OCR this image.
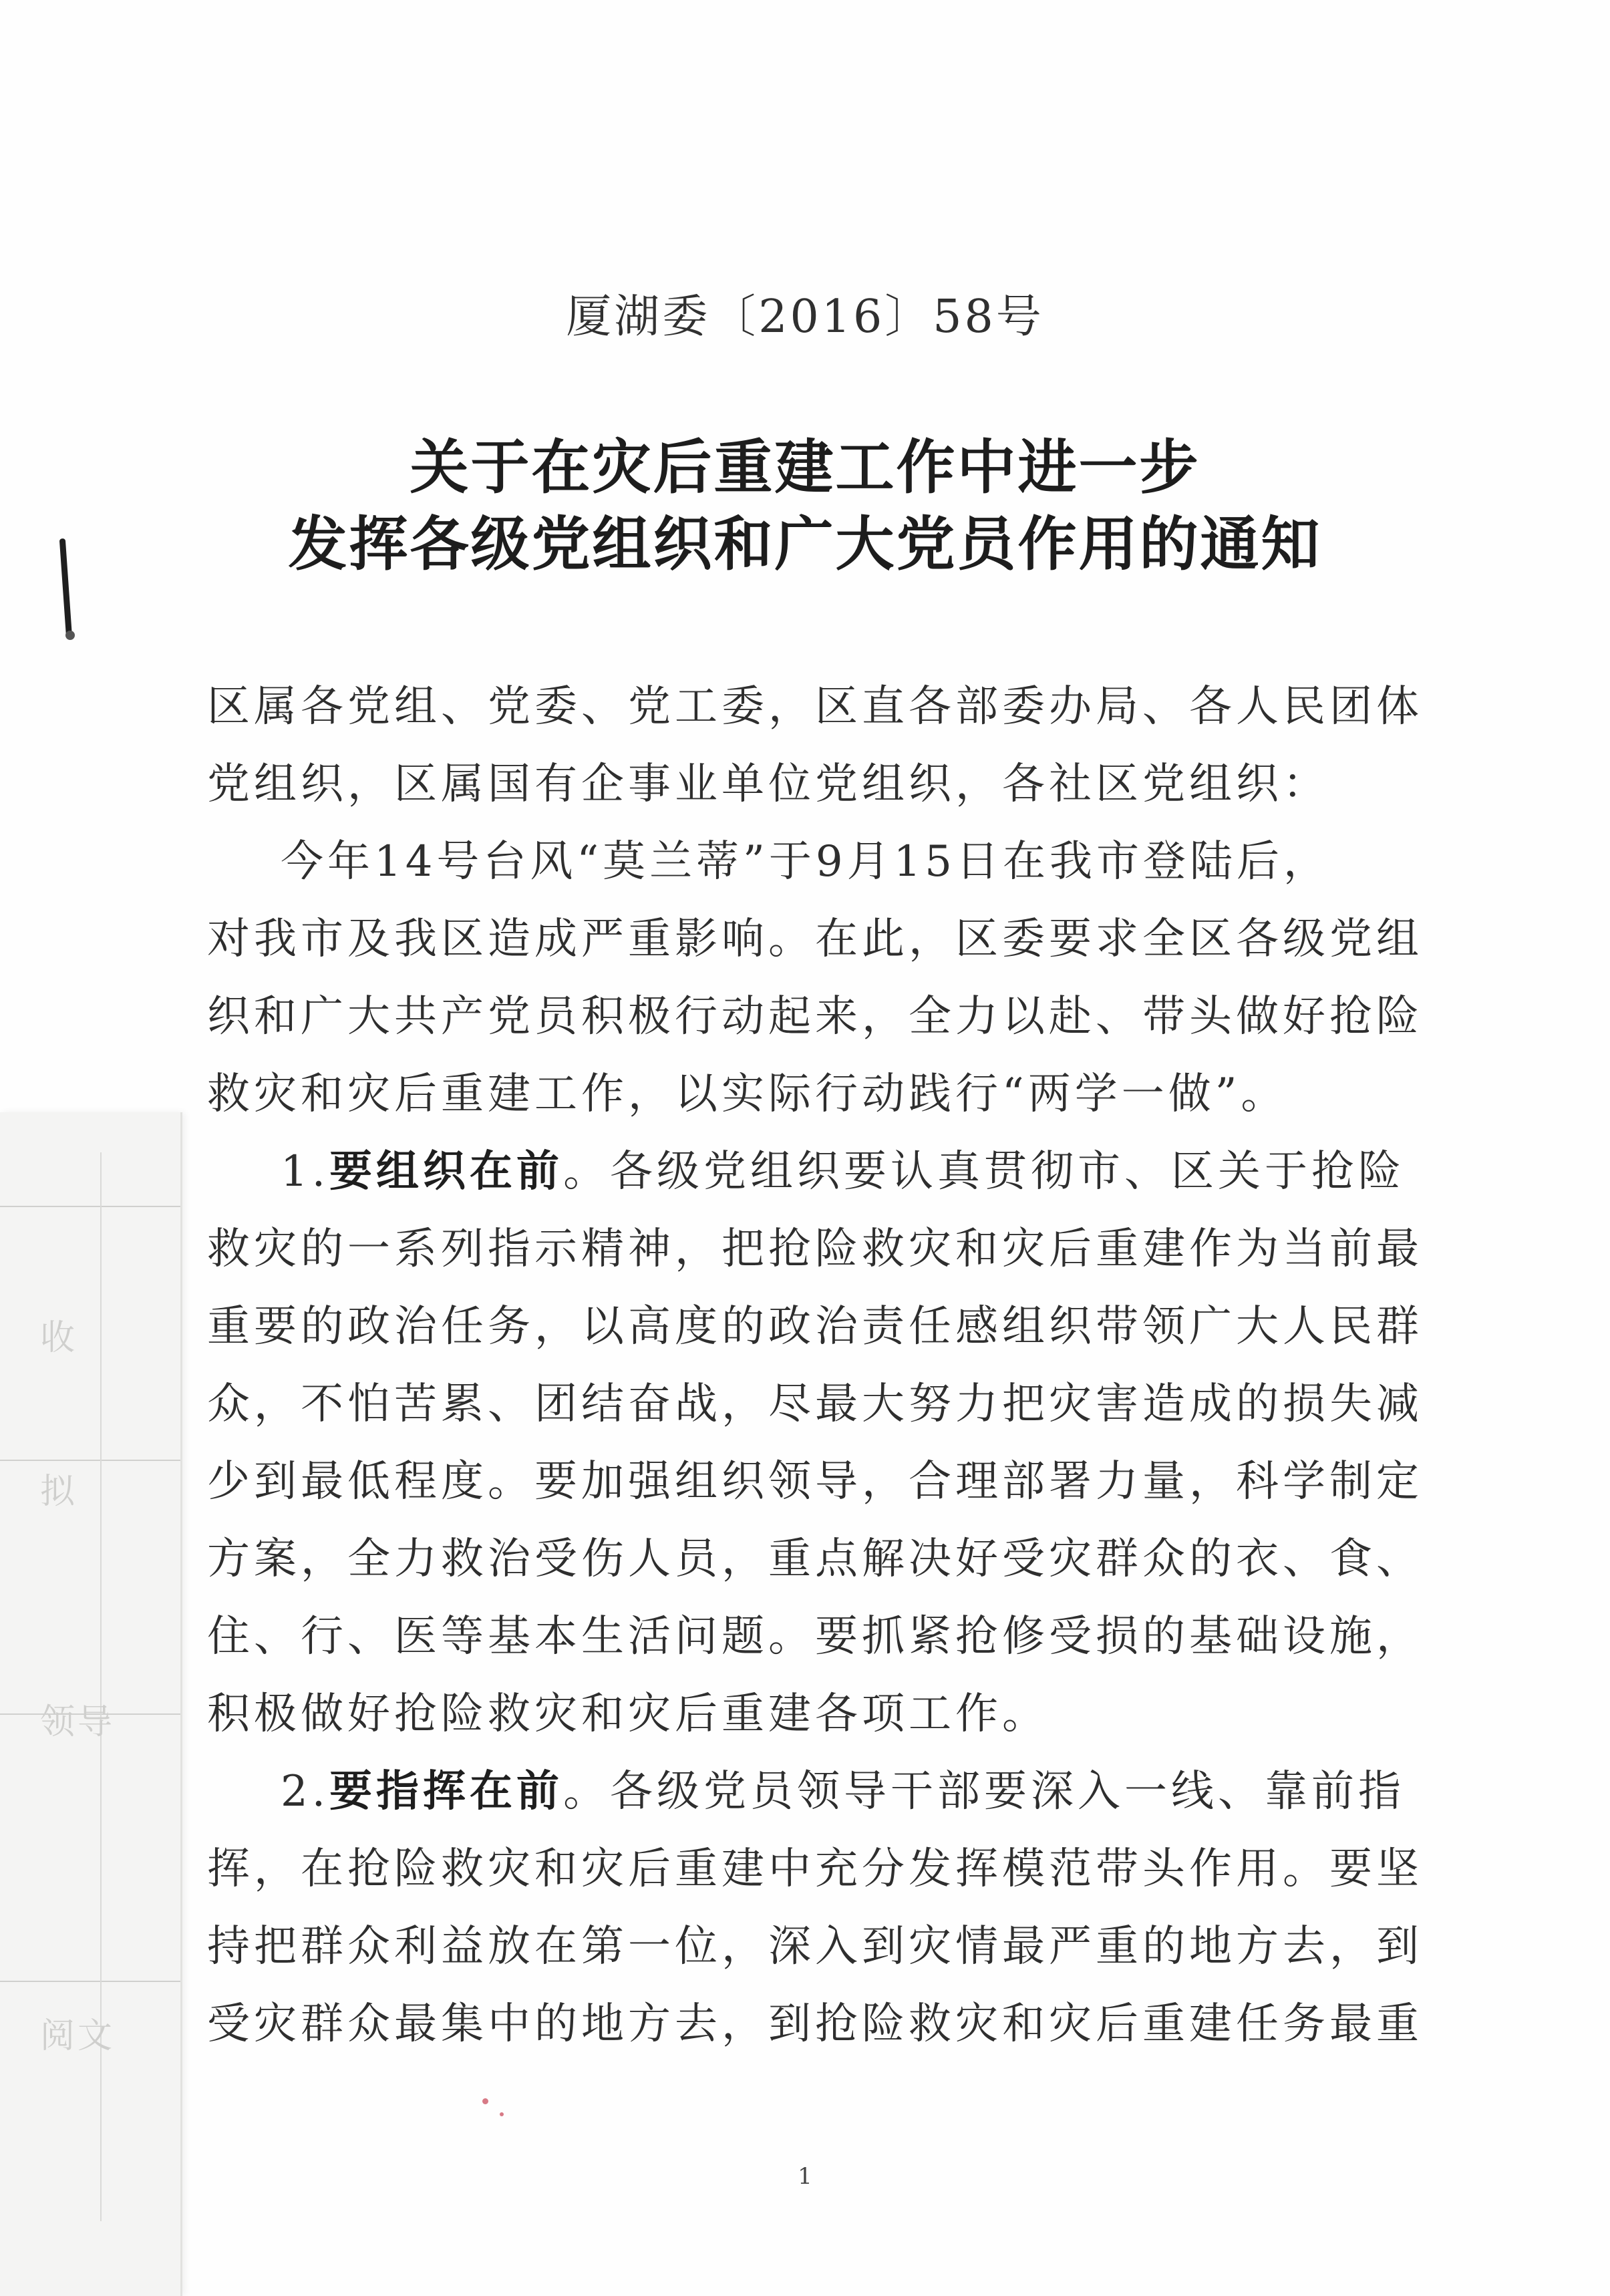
收
拟
领导
阅文
厦湖委〔2016〕58号
关于在灾后重建工作中进一步
发挥各级党组织和广大党员作用的通知
区属各党组、党委、党工委，区直各部委办局、各人民团体
党组织，区属国有企事业单位党组织，各社区党组织：
今年14号台风“莫兰蒂”于9月15日在我市登陆后，
对我市及我区造成严重影响。在此，区委要求全区各级党组
织和广大共产党员积极行动起来，全力以赴、带头做好抢险
救灾和灾后重建工作，以实际行动践行“两学一做”。
1.要组织在前。各级党组织要认真贯彻市、区关于抢险
救灾的一系列指示精神，把抢险救灾和灾后重建作为当前最
重要的政治任务，以高度的政治责任感组织带领广大人民群
众，不怕苦累、团结奋战，尽最大努力把灾害造成的损失减
少到最低程度。要加强组织领导，合理部署力量，科学制定
方案，全力救治受伤人员，重点解决好受灾群众的衣、食、
住、行、医等基本生活问题。要抓紧抢修受损的基础设施，
积极做好抢险救灾和灾后重建各项工作。
2.要指挥在前。各级党员领导干部要深入一线、靠前指
挥，在抢险救灾和灾后重建中充分发挥模范带头作用。要坚
持把群众利益放在第一位，深入到灾情最严重的地方去，到
受灾群众最集中的地方去，到抢险救灾和灾后重建任务最重
1
